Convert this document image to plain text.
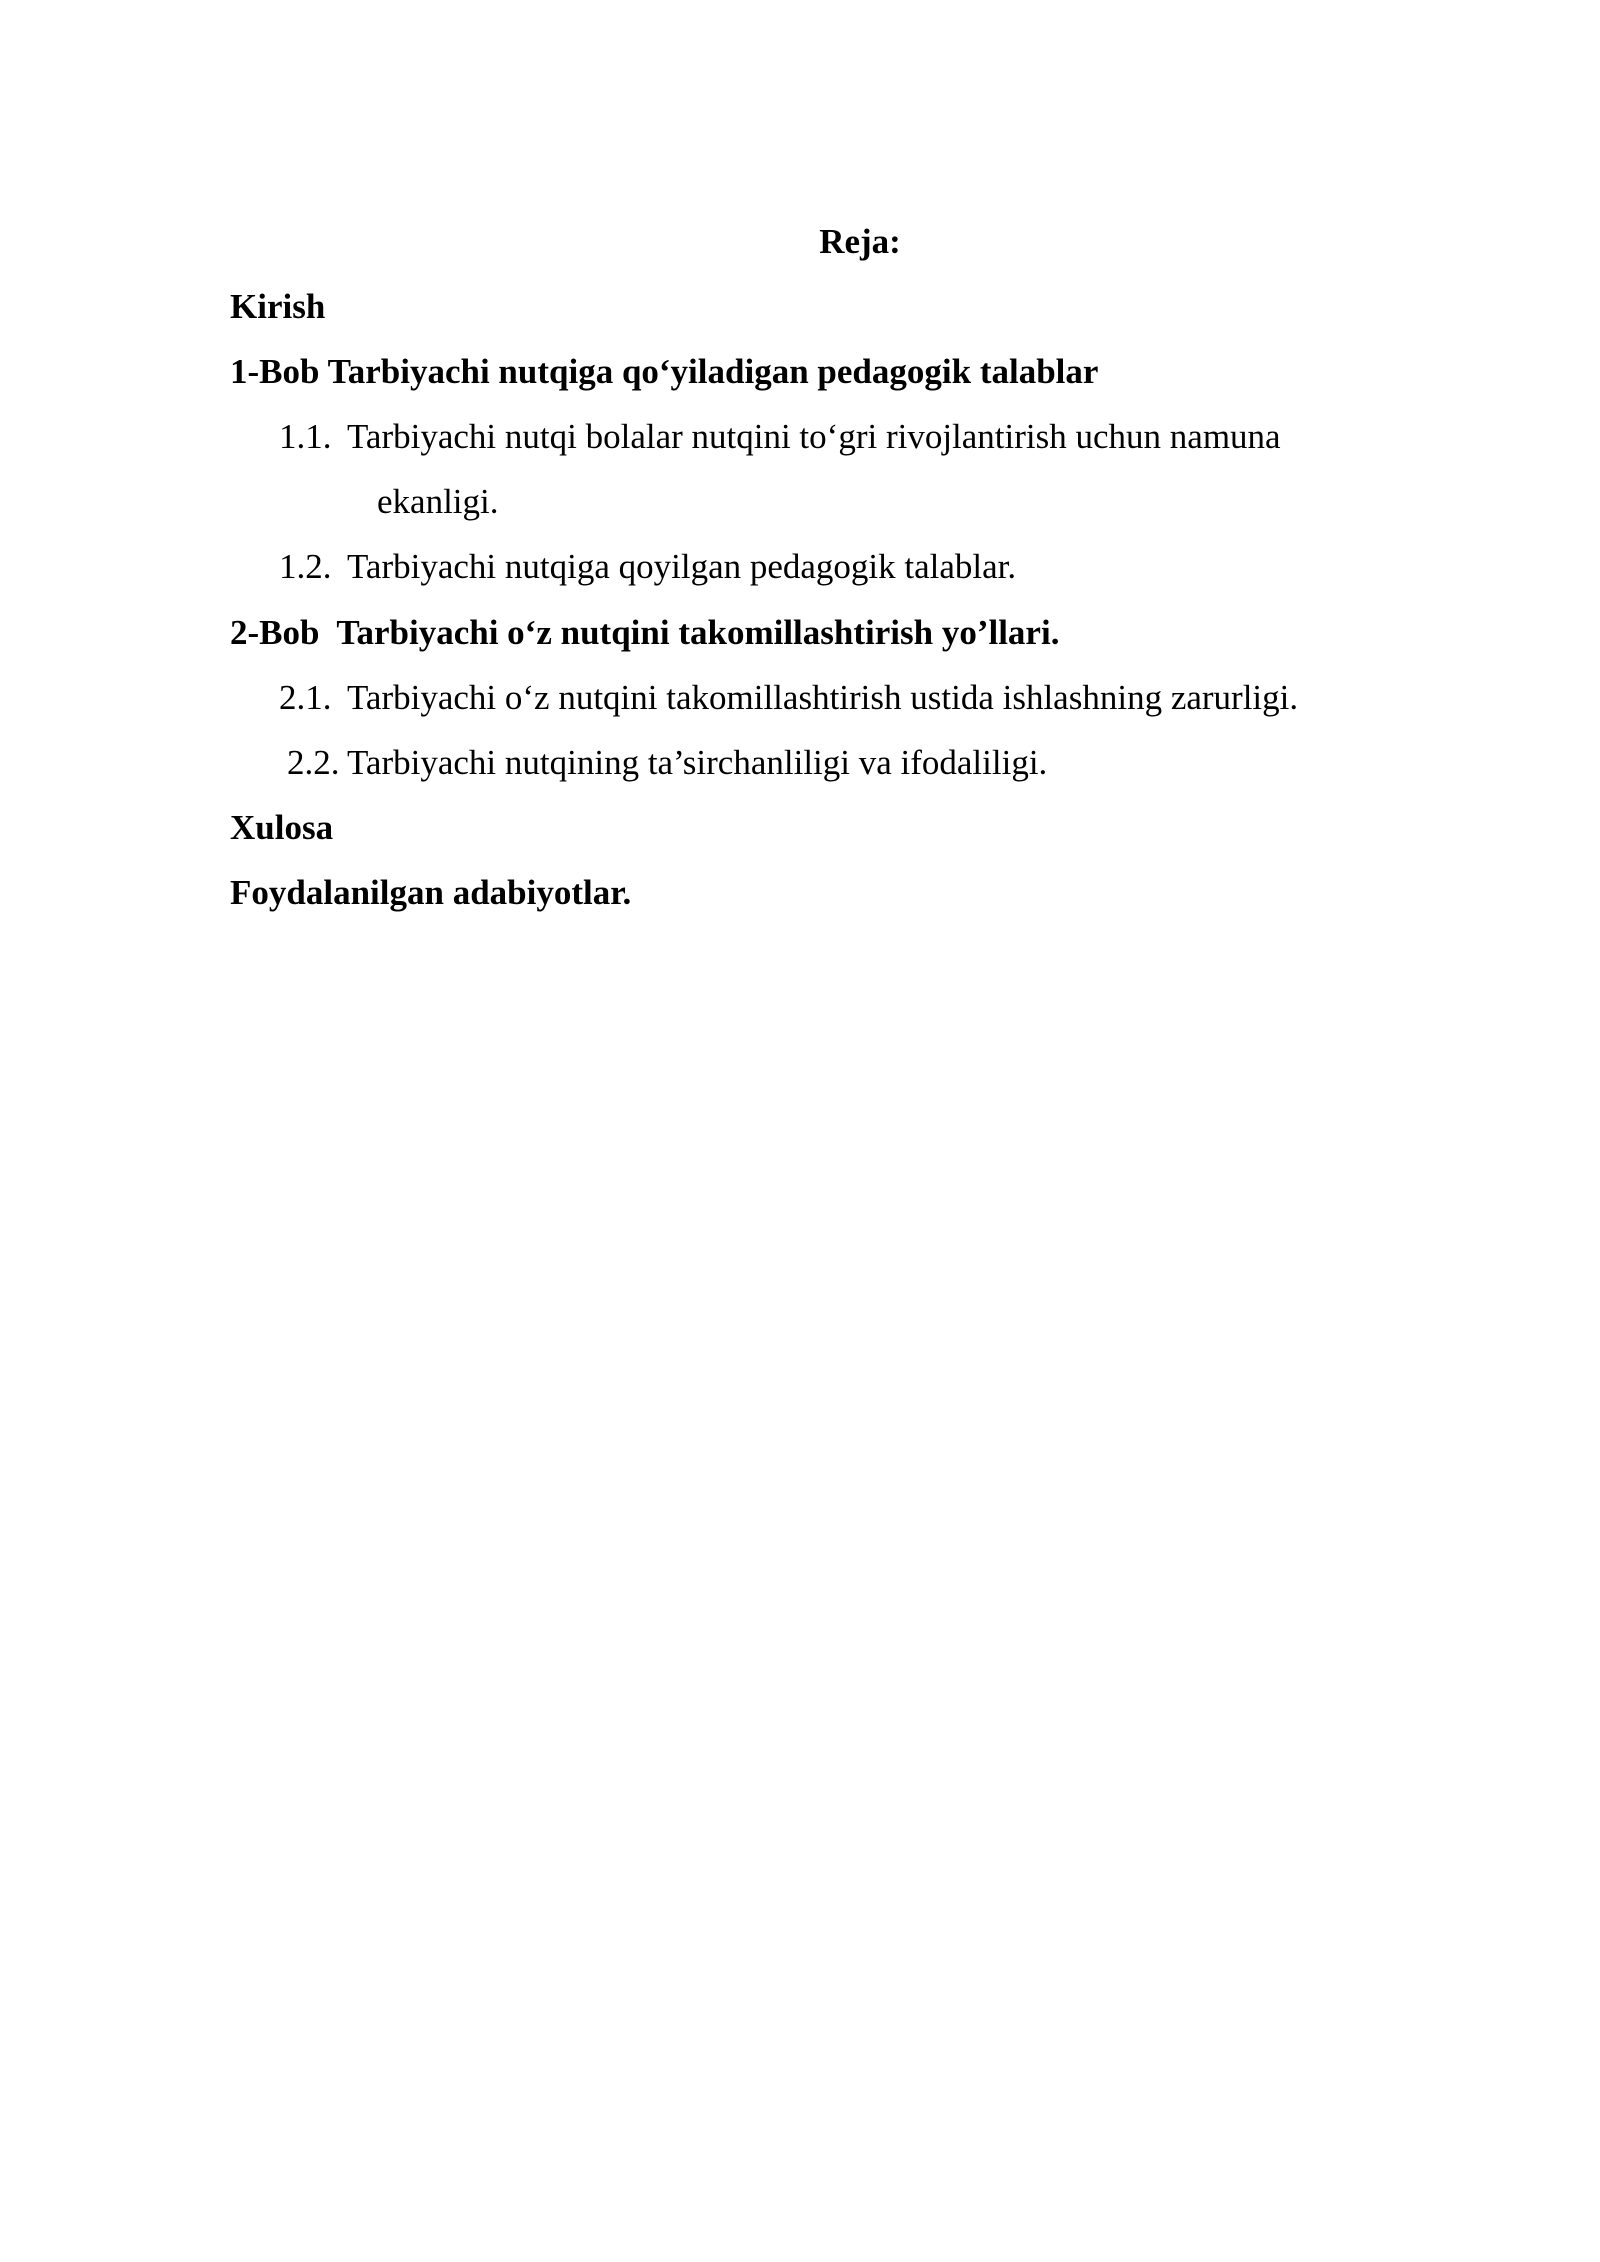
Reja:
Kirish
1-Bob Tarbiyachi nutqiga qo‘yiladigan pedagogik talablar
1.1. Tarbiyachi nutqi bolalar nutqini to‘gri rivojlantirish uchun namuna
ekanligi.
1.2. Tarbiyachi nutqiga qoyilgan pedagogik talablar.
2-Bob  Tarbiyachi o‘z nutqini takomillashtirish yo’llari.
2.1. Tarbiyachi o‘z nutqini takomillashtirish ustida ishlashning zarurligi.
2.2. Tarbiyachi nutqining ta’sirchanliligi va ifodaliligi.
Xulosa
Foydalanilgan adabiyotlar.
